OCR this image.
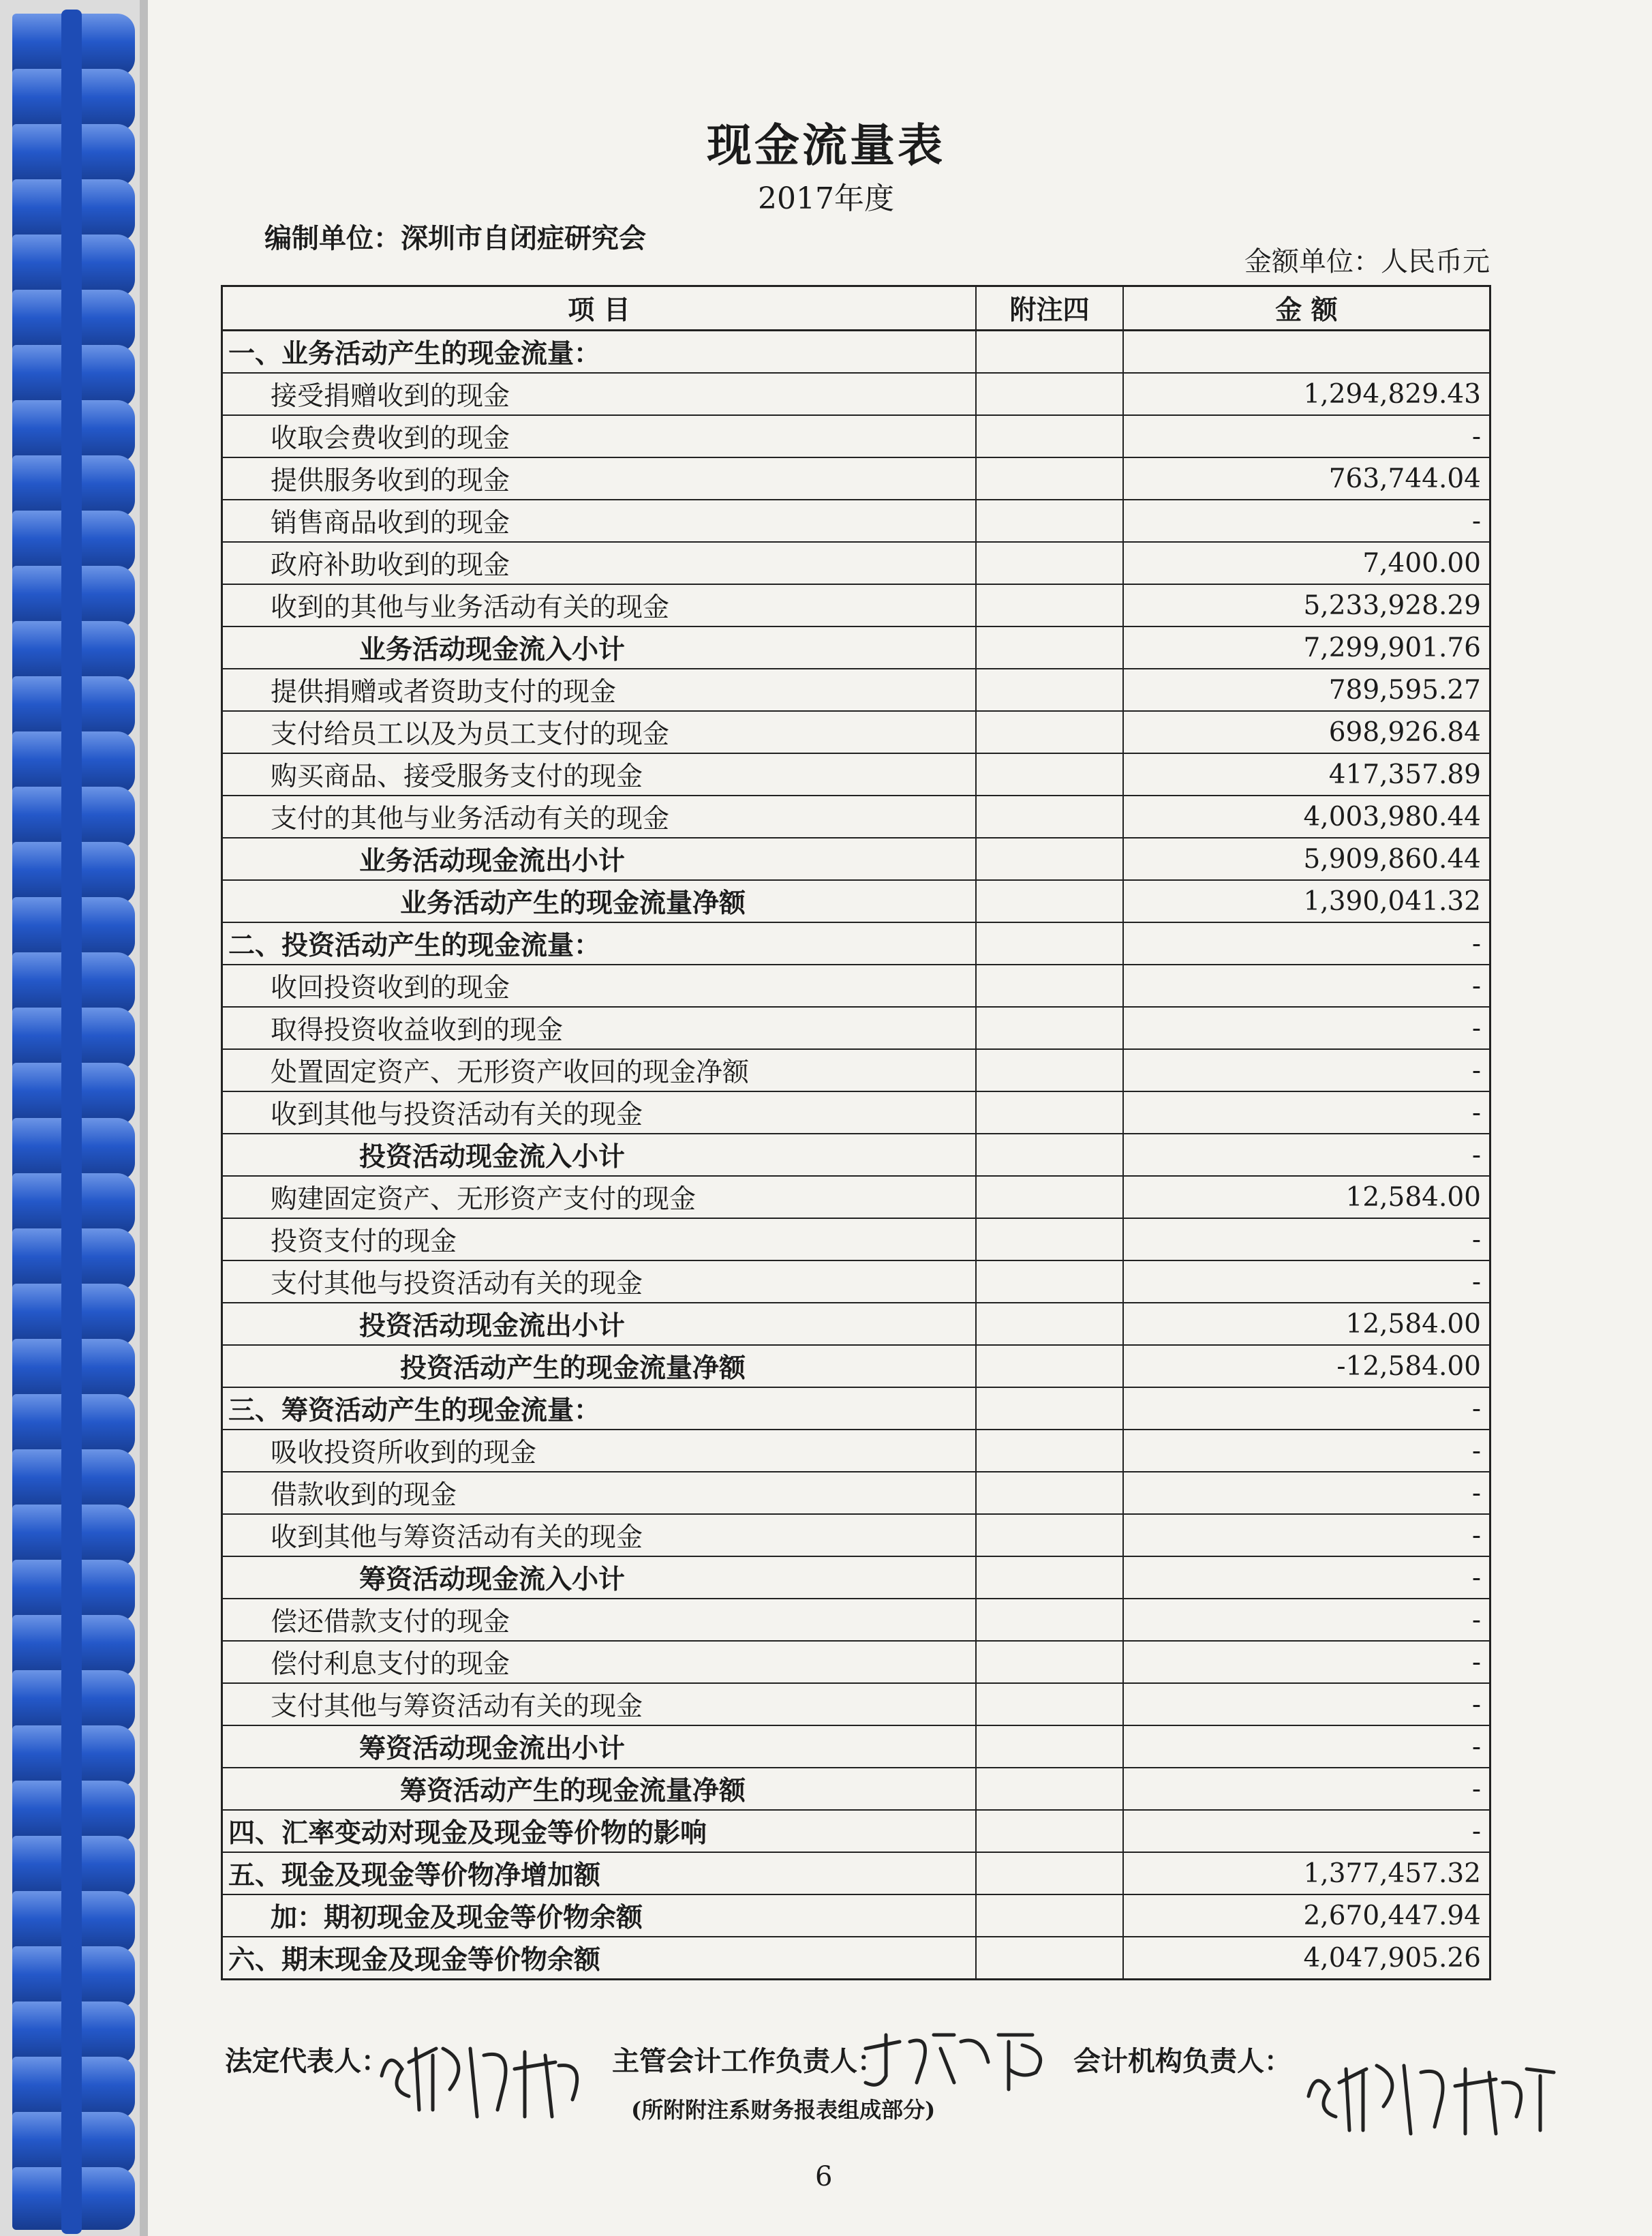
现金流量表
2017年度
编制单位：深圳市自闭症研究会
金额单位：人民币元
项 目	附注四	金 额
一、业务活动产生的现金流量：		
接受捐赠收到的现金		1,294,829.43
收取会费收到的现金		-
提供服务收到的现金		763,744.04
销售商品收到的现金		-
政府补助收到的现金		7,400.00
收到的其他与业务活动有关的现金		5,233,928.29
业务活动现金流入小计		7,299,901.76
提供捐赠或者资助支付的现金		789,595.27
支付给员工以及为员工支付的现金		698,926.84
购买商品、接受服务支付的现金		417,357.89
支付的其他与业务活动有关的现金		4,003,980.44
业务活动现金流出小计		5,909,860.44
业务活动产生的现金流量净额		1,390,041.32
二、投资活动产生的现金流量：		-
收回投资收到的现金		-
取得投资收益收到的现金		-
处置固定资产、无形资产收回的现金净额		-
收到其他与投资活动有关的现金		-
投资活动现金流入小计		-
购建固定资产、无形资产支付的现金		12,584.00
投资支付的现金		-
支付其他与投资活动有关的现金		-
投资活动现金流出小计		12,584.00
投资活动产生的现金流量净额		-12,584.00
三、筹资活动产生的现金流量：		-
吸收投资所收到的现金		-
借款收到的现金		-
收到其他与筹资活动有关的现金		-
筹资活动现金流入小计		-
偿还借款支付的现金		-
偿付利息支付的现金		-
支付其他与筹资活动有关的现金		-
筹资活动现金流出小计		-
筹资活动产生的现金流量净额		-
四、汇率变动对现金及现金等价物的影响		-
五、现金及现金等价物净增加额		1,377,457.32
加：期初现金及现金等价物余额		2,670,447.94
六、期末现金及现金等价物余额		4,047,905.26
法定代表人：	主管会计工作负责人：	会计机构负责人：
(所附附注系财务报表组成部分)
6
